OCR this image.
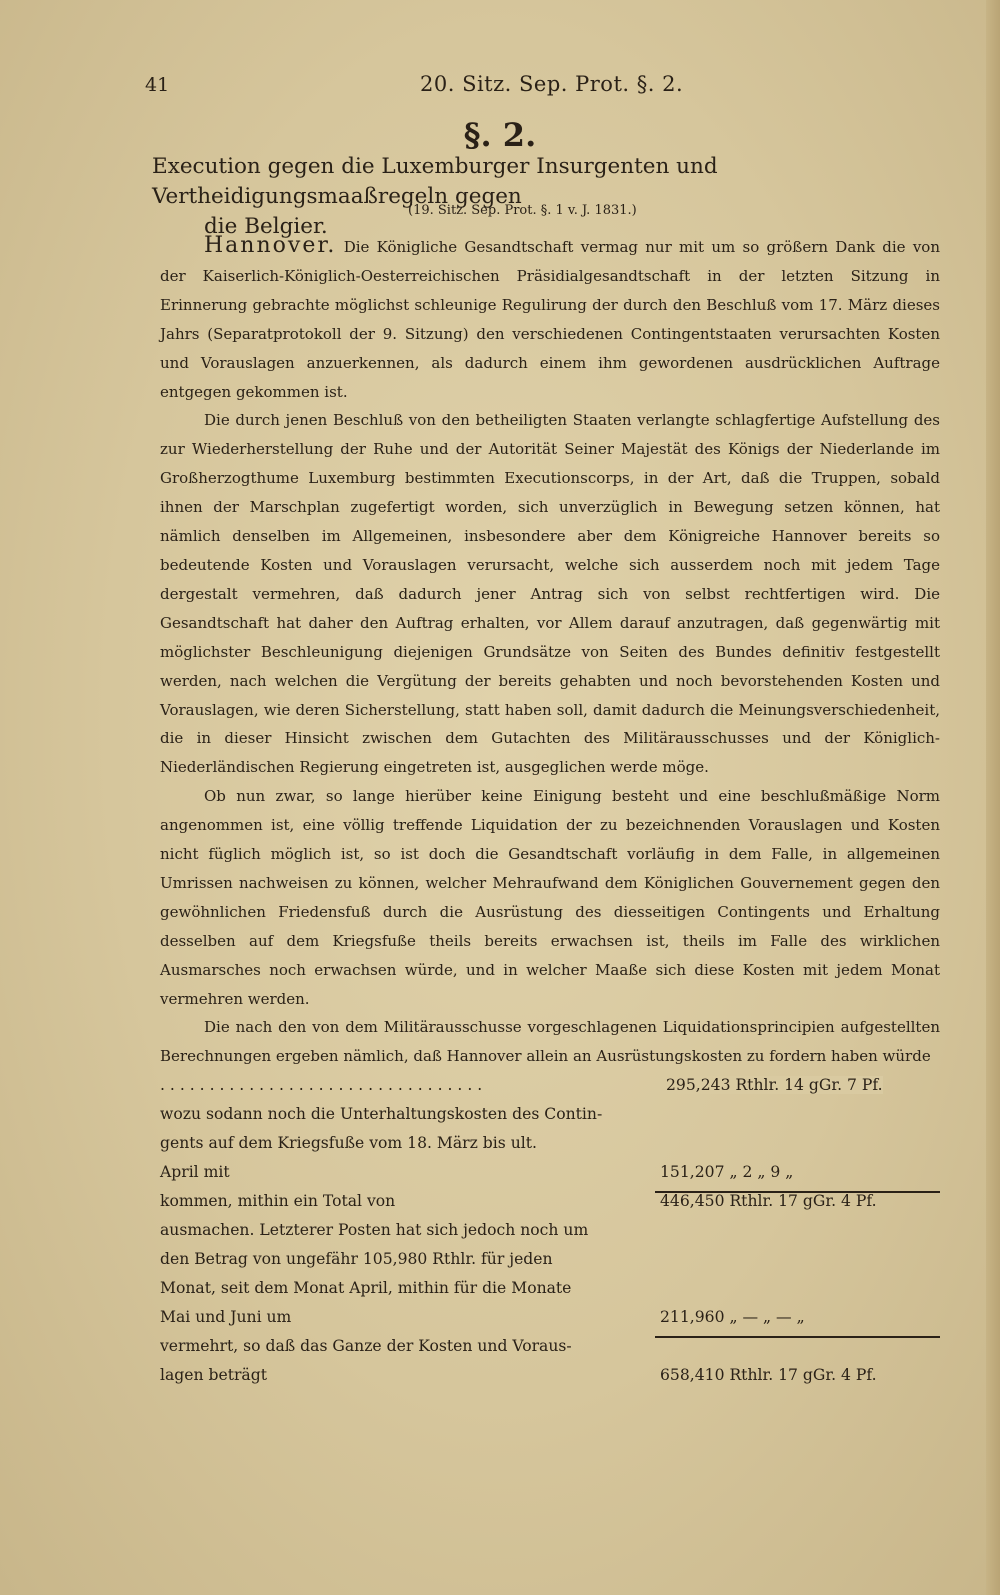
41	20. Sitz. Sep. Prot. §. 2.
§. 2.
Execution gegen die Luxemburger Insurgenten und Vertheidigungsmaaßregeln gegen
die Belgier.
(19. Sitz. Sep. Prot. §. 1 v. J. 1831.)

Hannover. Die Königliche Gesandtschaft vermag nur mit um so größern Dank die von der Kaiserlich-Königlich-Oesterreichischen Präsidialgesandtschaft in der letzten Sitzung in Erinnerung gebrachte möglichst schleunige Regulirung der durch den Beschluß vom 17. März dieses Jahrs (Separatprotokoll der 9. Sitzung) den verschiedenen Contingentstaaten verursachten Kosten und Vorauslagen anzuerkennen, als dadurch einem ihm gewordenen ausdrücklichen Auftrage entgegen gekommen ist.

Die durch jenen Beschluß von den betheiligten Staaten verlangte schlagfertige Aufstellung des zur Wiederherstellung der Ruhe und der Autorität Seiner Majestät des Königs der Niederlande im Großherzogthume Luxemburg bestimmten Executionscorps, in der Art, daß die Truppen, sobald ihnen der Marschplan zugefertigt worden, sich unverzüglich in Bewegung setzen können, hat nämlich denselben im Allgemeinen, insbesondere aber dem Königreiche Hannover bereits so bedeutende Kosten und Vorauslagen verursacht, welche sich ausserdem noch mit jedem Tage dergestalt vermehren, daß dadurch jener Antrag sich von selbst rechtfertigen wird. Die Gesandtschaft hat daher den Auftrag erhalten, vor Allem darauf anzutragen, daß gegenwärtig mit möglichster Beschleunigung diejenigen Grundsätze von Seiten des Bundes definitiv festgestellt werden, nach welchen die Vergütung der bereits gehabten und noch bevorstehenden Kosten und Vorauslagen, wie deren Sicherstellung, statt haben soll, damit dadurch die Meinungsverschiedenheit, die in dieser Hinsicht zwischen dem Gutachten des Militärausschusses und der Königlich-Niederländischen Regierung eingetreten ist, ausgeglichen werde möge.

Ob nun zwar, so lange hierüber keine Einigung besteht und eine beschlußmäßige Norm angenommen ist, eine völlig treffende Liquidation der zu bezeichnenden Vorauslagen und Kosten nicht füglich möglich ist, so ist doch die Gesandtschaft vorläufig in dem Falle, in allgemeinen Umrissen nachweisen zu können, welcher Mehraufwand dem Königlichen Gouvernement gegen den gewöhnlichen Friedensfuß durch die Ausrüstung des diesseitigen Contingents und Erhaltung desselben auf dem Kriegsfuße theils bereits erwachsen ist, theils im Falle des wirklichen Ausmarsches noch erwachsen würde, und in welcher Maaße sich diese Kosten mit jedem Monat vermehren werden.

Die nach den von dem Militärausschusse vorgeschlagenen Liquidationsprincipien aufgestellten Berechnungen ergeben nämlich, daß Hannover allein an Ausrüstungskosten zu fordern haben würde

. . . . . . . . . . . . . . . . . . . . . . . . . . . . . . . . .	295,243 Rthlr. 14 gGr. 7 Pf.
wozu sodann noch die Unterhaltungskosten des Contin-
gents auf dem Kriegsfuße vom 18. März bis ult.

April mit	151,207 „ 2 „ 9 „
kommen, mithin ein Total von	446,450 Rthlr. 17 gGr. 4 Pf.
ausmachen. Letzterer Posten hat sich jedoch noch um
den Betrag von ungefähr 105,980 Rthlr. für jeden
Monat, seit dem Monat April, mithin für die Monate
Mai und Juni um	211,960 „ — „ — „
vermehrt, so daß das Ganze der Kosten und Voraus-
lagen beträgt	658,410 Rthlr. 17 gGr. 4 Pf.
